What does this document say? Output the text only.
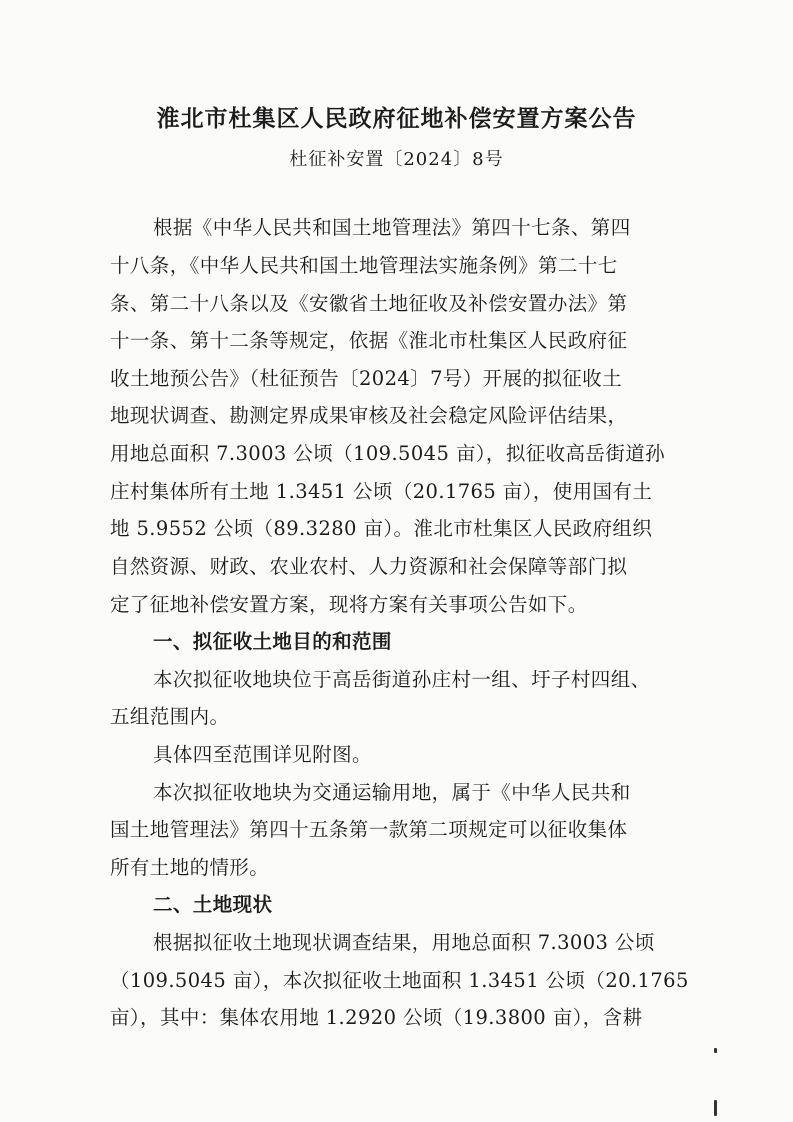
淮北市杜集区人民政府征地补偿安置方案公告
杜征补安置〔2024〕8号
根据《中华人民共和国土地管理法》第四十七条、第四
十八条，《中华人民共和国土地管理法实施条例》第二十七
条、第二十八条以及《安徽省土地征收及补偿安置办法》第
十一条、第十二条等规定，依据《淮北市杜集区人民政府征
收土地预公告》（杜征预告〔2024〕7号）开展的拟征收土
地现状调查、勘测定界成果审核及社会稳定风险评估结果，
用地总面积 7.3003 公顷（109.5045 亩），拟征收高岳街道孙
庄村集体所有土地 1.3451 公顷（20.1765 亩），使用国有土
地 5.9552 公顷（89.3280 亩）。淮北市杜集区人民政府组织
自然资源、财政、农业农村、人力资源和社会保障等部门拟
定了征地补偿安置方案，现将方案有关事项公告如下。
一、拟征收土地目的和范围
本次拟征收地块位于高岳街道孙庄村一组、圩子村四组、
五组范围内。
具体四至范围详见附图。
本次拟征收地块为交通运输用地，属于《中华人民共和
国土地管理法》第四十五条第一款第二项规定可以征收集体
所有土地的情形。
二、土地现状
根据拟征收土地现状调查结果，用地总面积 7.3003 公顷
（109.5045 亩），本次拟征收土地面积 1.3451 公顷（20.1765
亩），其中：集体农用地 1.2920 公顷（19.3800 亩），含耕
